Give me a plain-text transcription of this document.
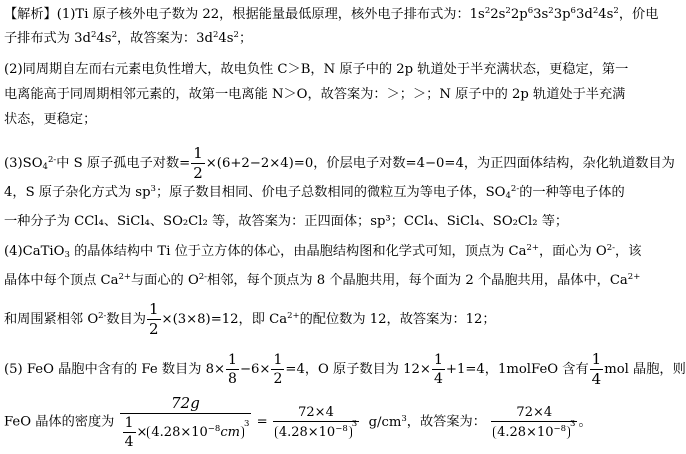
【解析】(1)Ti 原子核外电子数为 22，根据能量最低原理，核外电子排布式为：$1s^22s^22p^63s^23p^63d^24s^2$，价电
子排布式为 $3d^24s^2$，故答案为：$3d^24s^2$；
(2)同周期自左而右元素电负性增大，故电负性 C＞B，N 原子中的 2p 轨道处于半充满状态，更稳定，第一
电离能高于同周期相邻元素的，故第一电离能 N＞O，故答案为：＞；＞；N 原子中的 2p 轨道处于半充满
状态，更稳定；
$(3)SO_4^{2-}$中 S 原子孤电子对数= $\frac{1}{2} \times(6+2-2\times 4)=0$，价层电子对数=4−0=4，为正四面体结构，杂化轨道数目为
4，S 原子杂化方式为 $sp^3$；原子数目相同、价电子总数相同的微粒互为等电子体，$SO_4^{2-}$的一种等电子体的
一种分子为 CCl₄、SiCl₄、SO₂Cl₂ 等，故答案为：正四面体；sp³；CCl₄、SiCl₄、SO₂Cl₂ 等；
(4)CaTiO$_3$ 的晶体结构中 Ti 位于立方体的体心，由晶胞结构图和化学式可知，顶点为 $Ca^{2+}$，面心为 $O^{2-}$，该
晶体中每个顶点 $Ca^{2+}$与面心的 $O^{2-}$相邻，每个顶点为 8 个晶胞共用，每个面为 2 个晶胞共用，晶体中，$Ca^{2+}$
和周围紧相邻 $O^{2-}$数目为 $\frac{1}{2} \times(3\times 8)=12$，即 $Ca^{2+}$的配位数为 12，故答案为：12；
(5) FeO 晶胞中含有的 Fe 数目为 $8\times \frac{1}{8} -6\times \frac{1}{2} =4$，O 原子数目为 $12\times \frac{1}{4} +1=4$，1molFeO 含有 $\frac{1}{4}$ mol 晶胞，则
FeO 晶体的密度为 $\frac{72g}{\frac{1}{4} \times 4.28\times 10^{-8}cm^3} = \frac{72\times 4}{4.28\times 10^{-8} ^3} g/cm^3$，故答案为： $\frac{72\times 4}{4.28\times 10^{-8} ^3}$ 。
